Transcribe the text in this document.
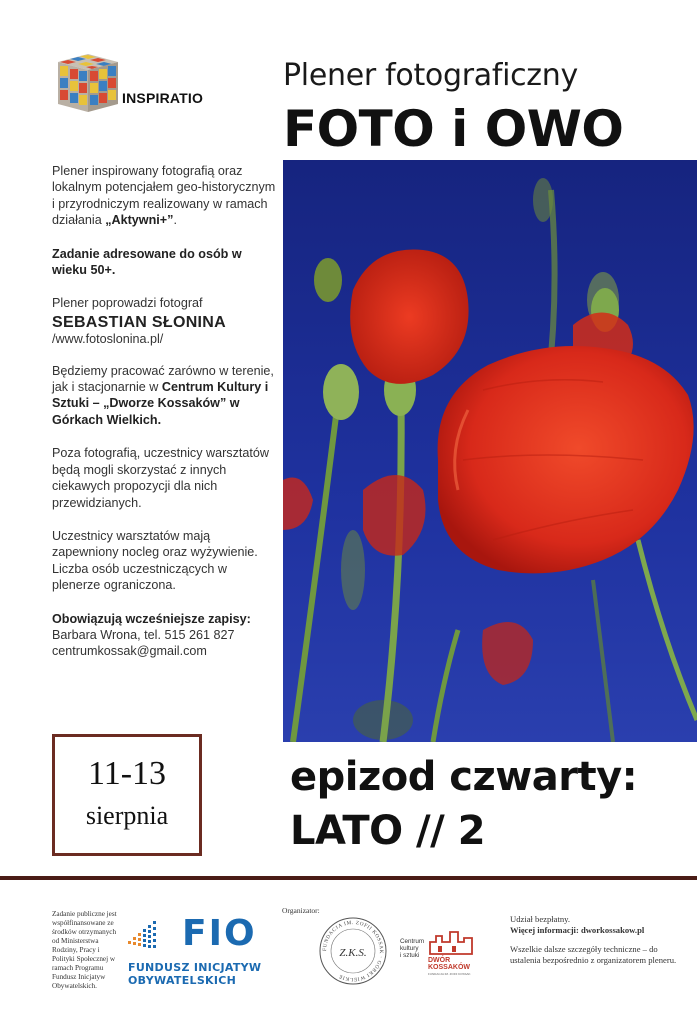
INSPIRATIO
Plener fotograficzny
FOTO i OWO

Plener inspirowany fotografią oraz lokalnym potencjałem geo-historycznym i przyrodniczym realizowany w ramach działania „Aktywni+”.

Zadanie adresowane do osób w wieku 50+.

Plener poprowadzi fotograf
SEBASTIAN SŁONINA
/www.fotoslonina.pl/

Będziemy pracować zarówno w terenie, jak i stacjonarnie w Centrum Kultury i Sztuki – „Dworze Kossaków” w Górkach Wielkich.

Poza fotografią, uczestnicy warsztatów będą mogli skorzystać z innych ciekawych propozycji dla nich przewidzianych.

Uczestnicy warsztatów mają zapewniony nocleg oraz wyżywienie. Liczba osób uczestniczących w plenerze ograniczona.

Obowiązują wcześniejsze zapisy:
Barbara Wrona, tel. 515 261 827
centrumkossak@gmail.com

11-13
sierpnia
epizod czwarty:
LATO // 2
Zadanie publiczne jest współfinansowane ze środków otrzymanych od Ministerstwa Rodziny, Pracy i Polityki Społecznej w ramach Programu Fundusz Inicjatyw Obywatelskich.
FIO
FUNDUSZ INICJATYW
OBYWATELSKICH
Organizator:
FUNDACJA IM. ZOFII KOSSAK · GÓRKI WIELKIE
Z.K.S.
Centrum
kultury
i sztuki
DWÓR
KOSSAKÓW
FUNDACJA IM. ZOFII KOSSAK

Udział bezpłatny.
Więcej informacji: dworkossakow.pl

Wszelkie dalsze szczegóły techniczne – do ustalenia bezpośrednio z organizatorem pleneru.
